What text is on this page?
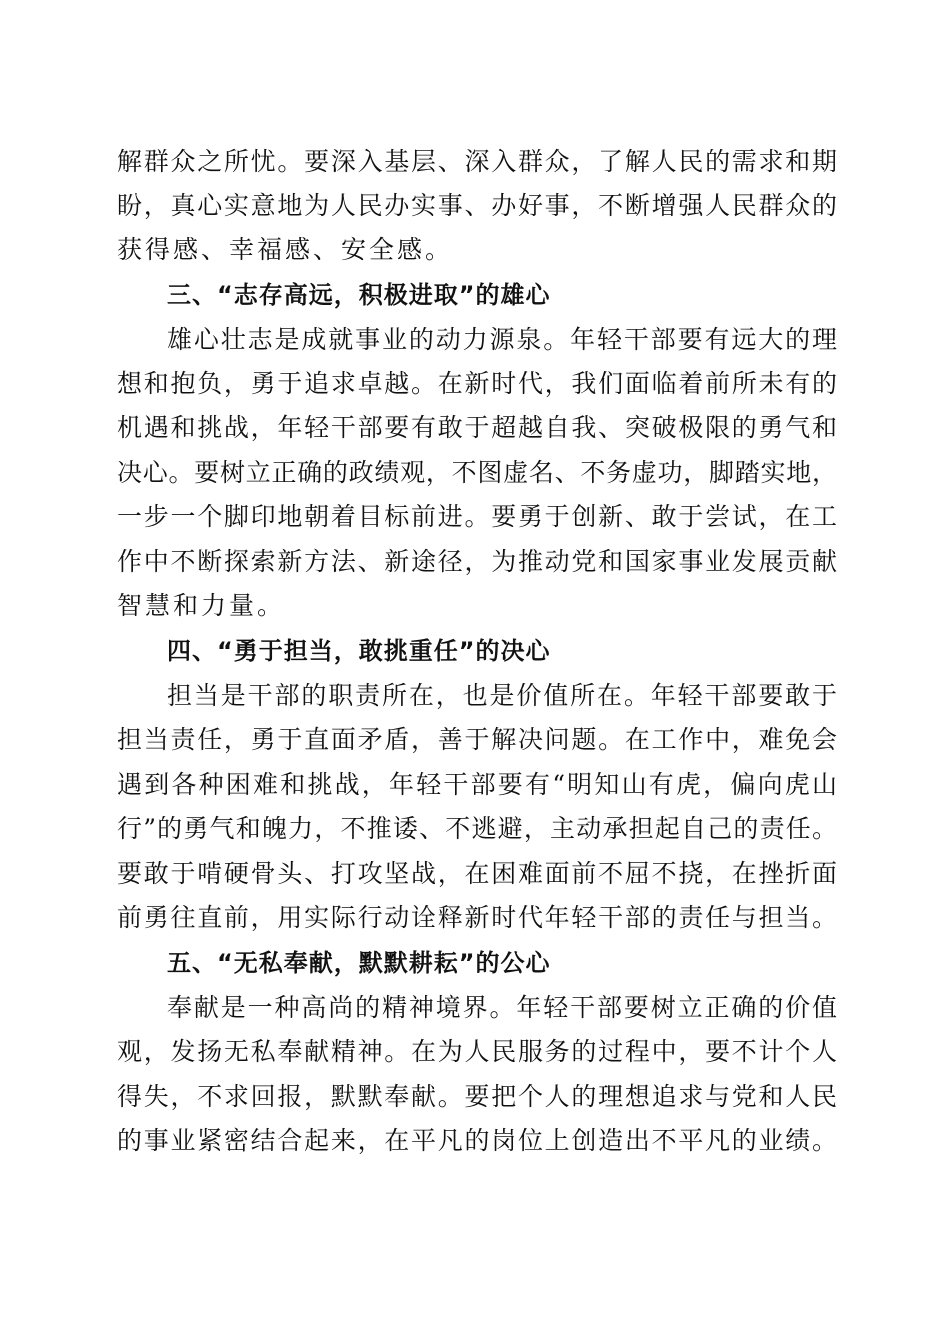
解群众之所忧。要深入基层、深入群众，了解人民的需求和期
盼，真心实意地为人民办实事、办好事，不断增强人民群众的
获得感、幸福感、安全感。
三、“志存高远，积极进取”的雄心
雄心壮志是成就事业的动力源泉。年轻干部要有远大的理
想和抱负，勇于追求卓越。在新时代，我们面临着前所未有的
机遇和挑战，年轻干部要有敢于超越自我、突破极限的勇气和
决心。要树立正确的政绩观，不图虚名、不务虚功，脚踏实地，
一步一个脚印地朝着目标前进。要勇于创新、敢于尝试，在工
作中不断探索新方法、新途径，为推动党和国家事业发展贡献
智慧和力量。
四、“勇于担当，敢挑重任”的决心
担当是干部的职责所在，也是价值所在。年轻干部要敢于
担当责任，勇于直面矛盾，善于解决问题。在工作中，难免会
遇到各种困难和挑战，年轻干部要有“明知山有虎，偏向虎山
行”的勇气和魄力，不推诿、不逃避，主动承担起自己的责任。
要敢于啃硬骨头、打攻坚战，在困难面前不屈不挠，在挫折面
前勇往直前，用实际行动诠释新时代年轻干部的责任与担当。
五、“无私奉献，默默耕耘”的公心
奉献是一种高尚的精神境界。年轻干部要树立正确的价值
观，发扬无私奉献精神。在为人民服务的过程中，要不计个人
得失，不求回报，默默奉献。要把个人的理想追求与党和人民
的事业紧密结合起来，在平凡的岗位上创造出不平凡的业绩。
